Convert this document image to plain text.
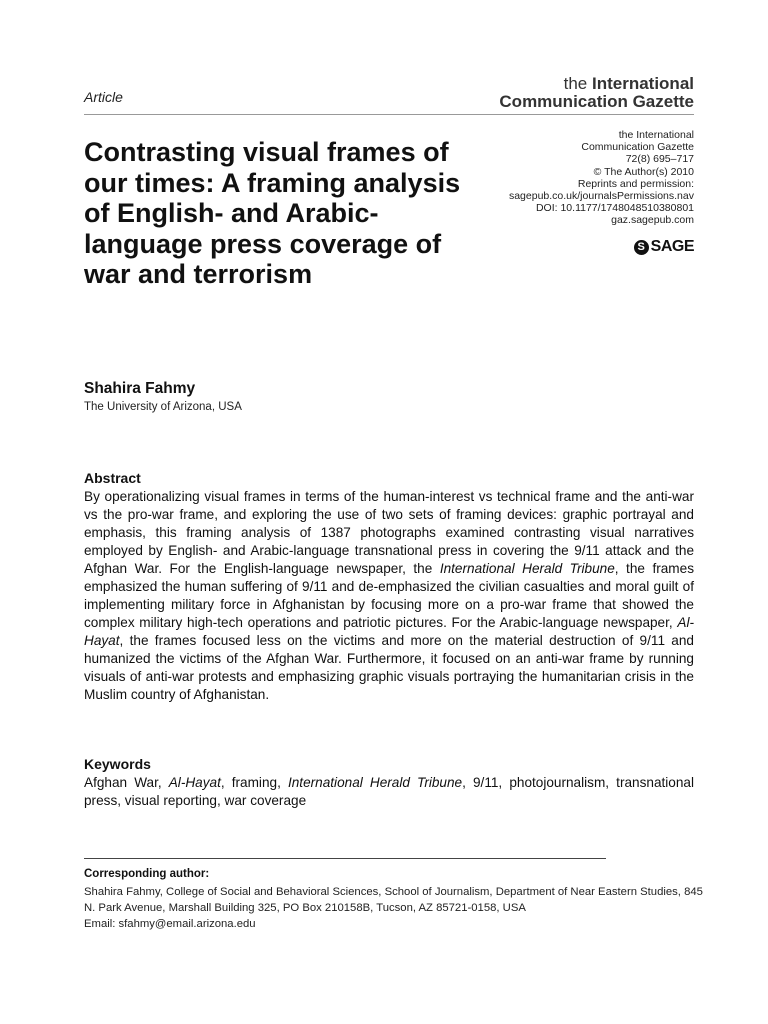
Article
the International
Communication Gazette
Contrasting visual frames of our times: A framing analysis of English- and Arabic-language press coverage of war and terrorism
the International
Communication Gazette
72(8) 695–717
© The Author(s) 2010
Reprints and permission:
sagepub.co.uk/journalsPermissions.nav
DOI: 10.1177/1748048510380801
gaz.sagepub.com
S SAGE
Shahira Fahmy
The University of Arizona, USA
Abstract

By operationalizing visual frames in terms of the human-interest vs technical frame and the anti-war vs the pro-war frame, and exploring the use of two sets of framing devices: graphic portrayal and emphasis, this framing analysis of 1387 photographs examined contrasting visual narratives employed by English- and Arabic-language transnational press in covering the 9/11 attack and the Afghan War. For the English-language newspaper, the International Herald Tribune, the frames emphasized the human suffering of 9/11 and de-emphasized the civilian casualties and moral guilt of implementing military force in Afghanistan by focusing more on a pro-war frame that showed the complex military high-tech operations and patriotic pictures. For the Arabic-language newspaper, Al-Hayat, the frames focused less on the victims and more on the material destruction of 9/11 and humanized the victims of the Afghan War. Furthermore, it focused on an anti-war frame by running visuals of anti-war protests and emphasizing graphic visuals portraying the humanitarian crisis in the Muslim country of Afghanistan.

Keywords

Afghan War, Al-Hayat, framing, International Herald Tribune, 9/11, photojournalism, transnational press, visual reporting, war coverage

Corresponding author:

Shahira Fahmy, College of Social and Behavioral Sciences, School of Journalism, Department of Near Eastern Studies, 845 N. Park Avenue, Marshall Building 325, PO Box 210158B, Tucson, AZ 85721-0158, USA
Email: sfahmy@email.arizona.edu
